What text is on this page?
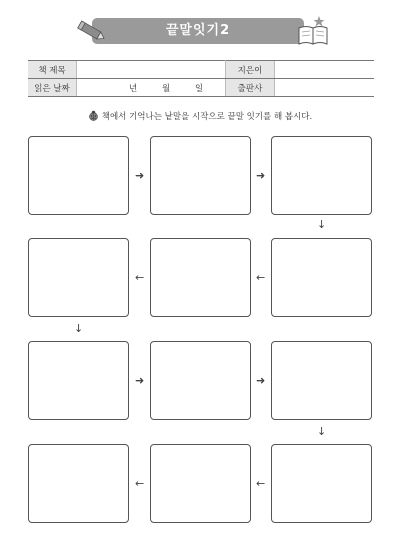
끝말잇기2
책 제목		지은이	
읽은 날짜	년 월 일	출판사	
책에서 기억나는 낱말을 시작으로 끝말 잇기를 해 봅시다.
➜	➜
↓
←	←
↓
➜	➜
↓
←	←
